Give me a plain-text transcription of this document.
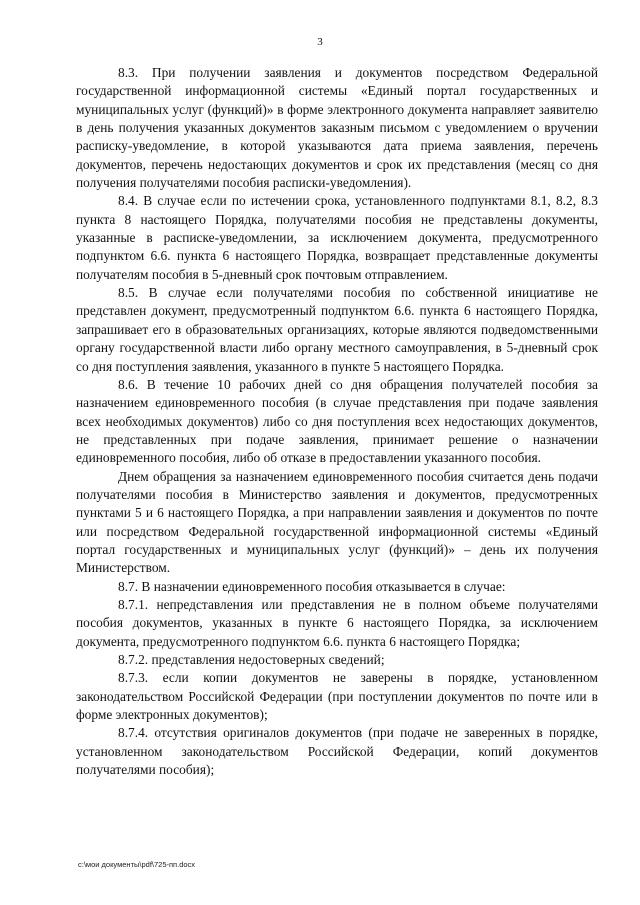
3

8.3. При получении заявления и документов посредством Федеральной государственной информационной системы «Единый портал государственных и муниципальных услуг (функций)» в форме электронного документа направляет заявителю в день получения указанных документов заказным письмом с уведомлением о вручении расписку-уведомление, в которой указываются дата приема заявления, перечень документов, перечень недостающих документов и срок их представления (месяц со дня получения получателями пособия расписки-уведомления).

8.4. В случае если по истечении срока, установленного подпунктами 8.1, 8.2, 8.3 пункта 8 настоящего Порядка, получателями пособия не представлены документы, указанные в расписке-уведомлении, за исключением документа, предусмотренного подпунктом 6.6. пункта 6 настоящего Порядка, возвращает представленные документы получателям пособия в 5-дневный срок почтовым отправлением.

8.5. В случае если получателями пособия по собственной инициативе не представлен документ, предусмотренный подпунктом 6.6. пункта 6 настоящего Порядка, запрашивает его в образовательных организациях, которые являются подведомственными органу государственной власти либо органу местного самоуправления, в 5-дневный срок со дня поступления заявления, указанного в пункте 5 настоящего Порядка.

8.6. В течение 10 рабочих дней со дня обращения получателей пособия за назначением единовременного пособия (в случае представления при подаче заявления всех необходимых документов) либо со дня поступления всех недостающих документов, не представленных при подаче заявления, принимает решение о назначении единовременного пособия, либо об отказе в предоставлении указанного пособия.

Днем обращения за назначением единовременного пособия считается день подачи получателями пособия в Министерство заявления и документов, предусмотренных пунктами 5 и 6 настоящего Порядка, а при направлении заявления и документов по почте или посредством Федеральной государственной информационной системы «Единый портал государственных и муниципальных услуг (функций)» – день их получения Министерством.

8.7. В назначении единовременного пособия отказывается в случае:

8.7.1. непредставления или представления не в полном объеме получателями пособия документов, указанных в пункте 6 настоящего Порядка, за исключением документа, предусмотренного подпунктом 6.6. пункта 6 настоящего Порядка;

8.7.2. представления недостоверных сведений;

8.7.3. если копии документов не заверены в порядке, установленном законодательством Российской Федерации (при поступлении документов по почте или в форме электронных документов);

8.7.4. отсутствия оригиналов документов (при подаче не заверенных в порядке, установленном законодательством Российской Федерации, копий документов получателями пособия);

c:\мои документы\pdf\725-пп.docx
